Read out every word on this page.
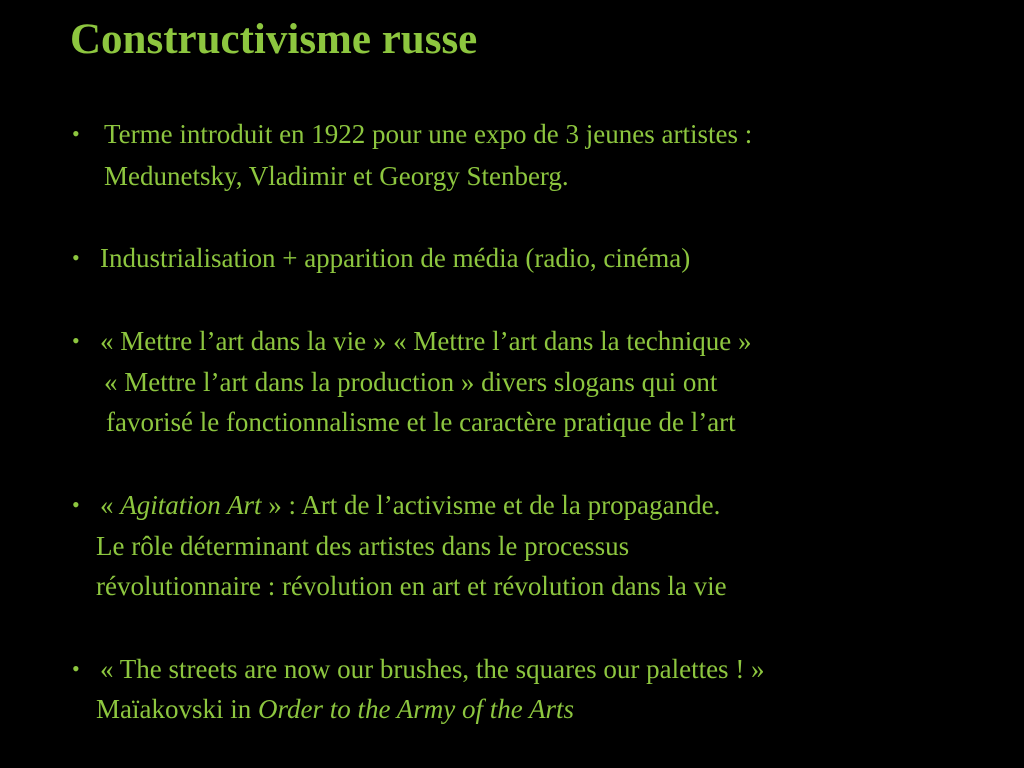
Constructivisme russe
• Terme introduit en 1922 pour une expo de 3 jeunes artistes :
Medunetsky, Vladimir et Georgy Stenberg.
• Industrialisation + apparition de média (radio, cinéma)
• « Mettre l’art dans la vie » « Mettre l’art dans la technique »
« Mettre l’art dans la production » divers slogans qui ont
favorisé le fonctionnalisme et le caractère pratique de l’art
• « Agitation Art » : Art de l’activisme et de la propagande.
Le rôle déterminant des artistes dans le processus
révolutionnaire : révolution en art et révolution dans la vie
• « The streets are now our brushes, the squares our palettes ! »
Maïakovski in Order to the Army of the Arts
